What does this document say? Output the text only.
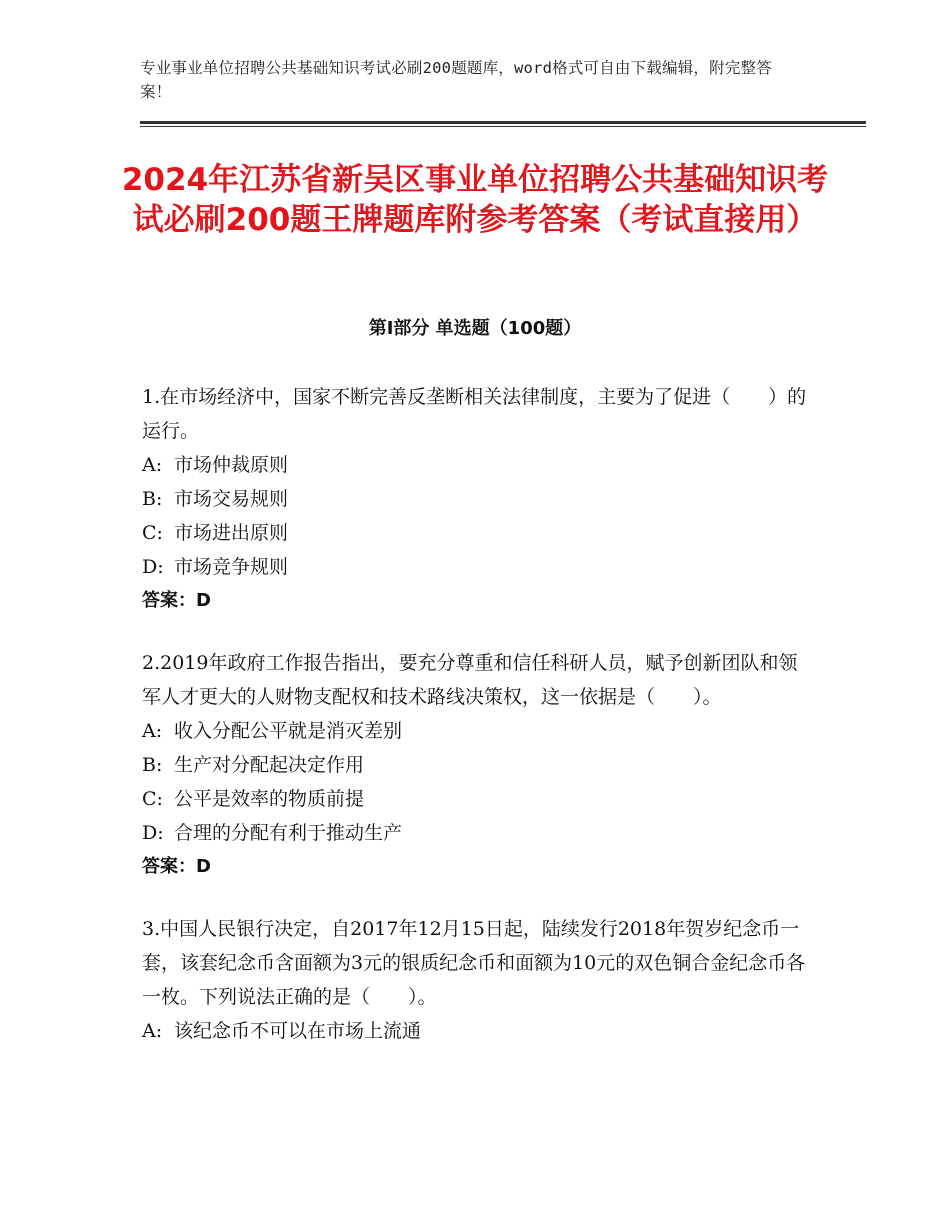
专业事业单位招聘公共基础知识考试必刷200题题库，word格式可自由下载编辑，附完整答案！
2024年江苏省新吴区事业单位招聘公共基础知识考试必刷200题王牌题库附参考答案（考试直接用）
第Ⅰ部分 单选题（100题）

1.在市场经济中，国家不断完善反垄断相关法律制度，主要为了促进（　　）的运行。

A: 市场仲裁原则

B: 市场交易规则

C: 市场进出原则

D: 市场竞争规则

答案：D

2.2019年政府工作报告指出，要充分尊重和信任科研人员，赋予创新团队和领军人才更大的人财物支配权和技术路线决策权，这一依据是（　　）。

A: 收入分配公平就是消灭差别

B: 生产对分配起决定作用

C: 公平是效率的物质前提

D: 合理的分配有利于推动生产

答案：D

3.中国人民银行决定，自2017年12月15日起，陆续发行2018年贺岁纪念币一套，该套纪念币含面额为3元的银质纪念币和面额为10元的双色铜合金纪念币各一枚。下列说法正确的是（　　）。

A: 该纪念币不可以在市场上流通
